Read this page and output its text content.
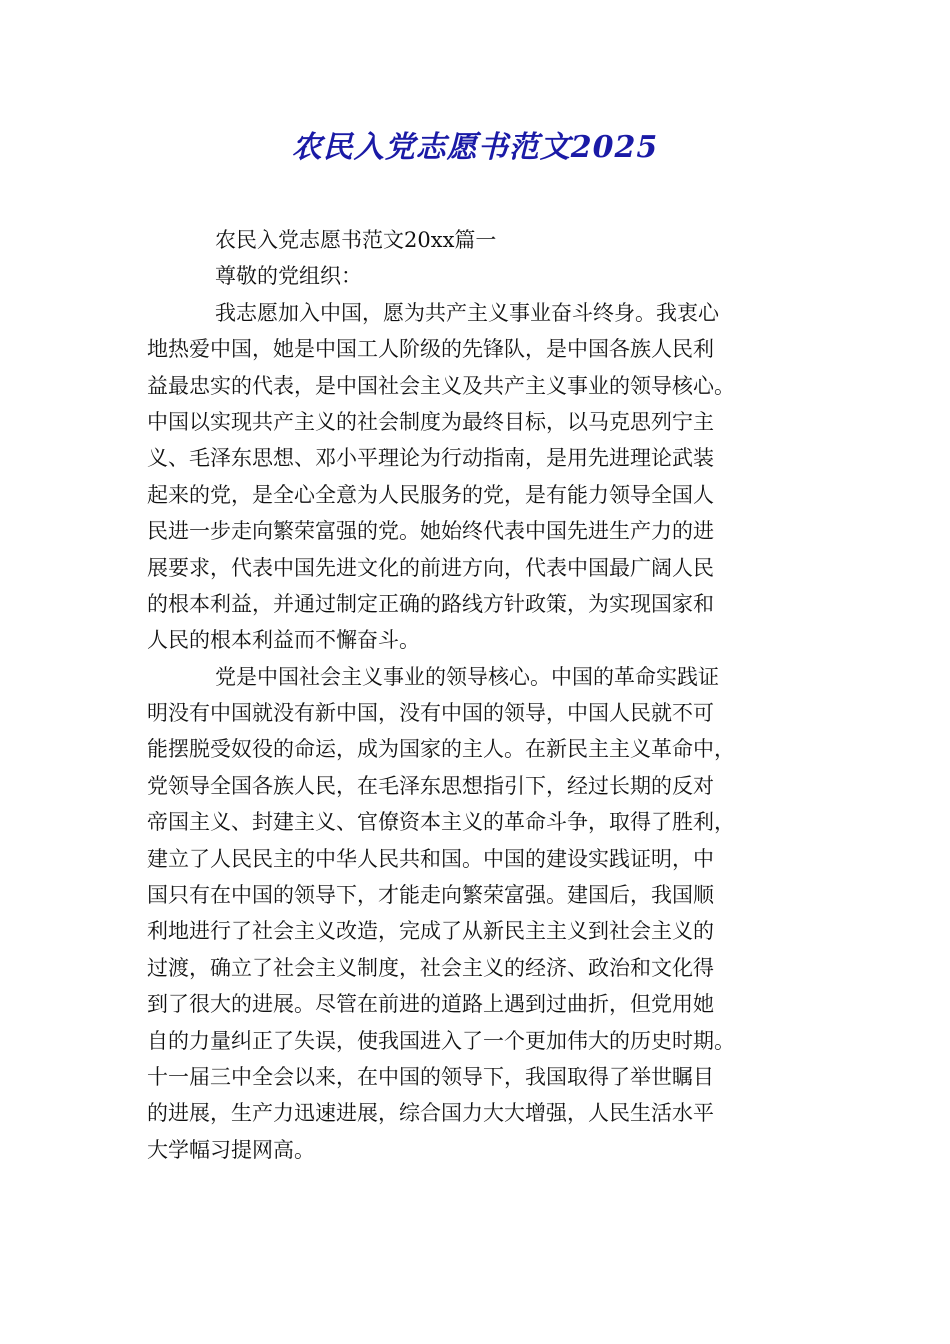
农民入党志愿书范文2025
农民入党志愿书范文20xx篇一
尊敬的党组织：
我志愿加入中国，愿为共产主义事业奋斗终身。我衷心
地热爱中国，她是中国工人阶级的先锋队，是中国各族人民利
益最忠实的代表，是中国社会主义及共产主义事业的领导核心。
中国以实现共产主义的社会制度为最终目标，以马克思列宁主
义、毛泽东思想、邓小平理论为行动指南，是用先进理论武装
起来的党，是全心全意为人民服务的党，是有能力领导全国人
民进一步走向繁荣富强的党。她始终代表中国先进生产力的进
展要求，代表中国先进文化的前进方向，代表中国最广阔人民
的根本利益，并通过制定正确的路线方针政策，为实现国家和
人民的根本利益而不懈奋斗。
党是中国社会主义事业的领导核心。中国的革命实践证
明没有中国就没有新中国，没有中国的领导，中国人民就不可
能摆脱受奴役的命运，成为国家的主人。在新民主主义革命中，
党领导全国各族人民，在毛泽东思想指引下，经过长期的反对
帝国主义、封建主义、官僚资本主义的革命斗争，取得了胜利，
建立了人民民主的中华人民共和国。中国的建设实践证明，中
国只有在中国的领导下，才能走向繁荣富强。建国后，我国顺
利地进行了社会主义改造，完成了从新民主主义到社会主义的
过渡，确立了社会主义制度，社会主义的经济、政治和文化得
到了很大的进展。尽管在前进的道路上遇到过曲折，但党用她
自的力量纠正了失误，使我国进入了一个更加伟大的历史时期。
十一届三中全会以来，在中国的领导下，我国取得了举世瞩目
的进展，生产力迅速进展，综合国力大大增强，人民生活水平
大学幅习提网高。
